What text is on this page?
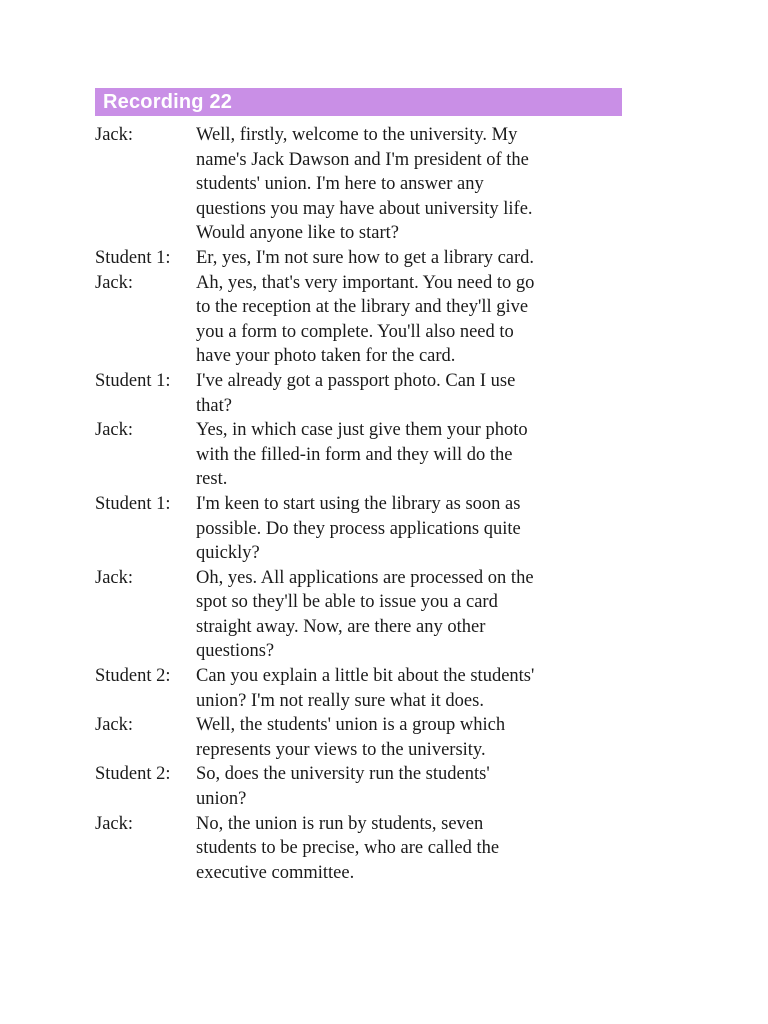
Recording 22
Jack:	Well, firstly, welcome to the university. My
name's Jack Dawson and I'm president of the
students' union. I'm here to answer any
questions you may have about university life.
Would anyone like to start?
Student 1:	Er, yes, I'm not sure how to get a library card.
Jack:	Ah, yes, that's very important. You need to go
to the reception at the library and they'll give
you a form to complete. You'll also need to
have your photo taken for the card.
Student 1:	I've already got a passport photo. Can I use
that?
Jack:	Yes, in which case just give them your photo
with the filled-in form and they will do the
rest.
Student 1:	I'm keen to start using the library as soon as
possible. Do they process applications quite
quickly?
Jack:	Oh, yes. All applications are processed on the
spot so they'll be able to issue you a card
straight away. Now, are there any other
questions?
Student 2:	Can you explain a little bit about the students'
union? I'm not really sure what it does.
Jack:	Well, the students' union is a group which
represents your views to the university.
Student 2:	So, does the university run the students'
union?
Jack:	No, the union is run by students, seven
students to be precise, who are called the
executive committee.
